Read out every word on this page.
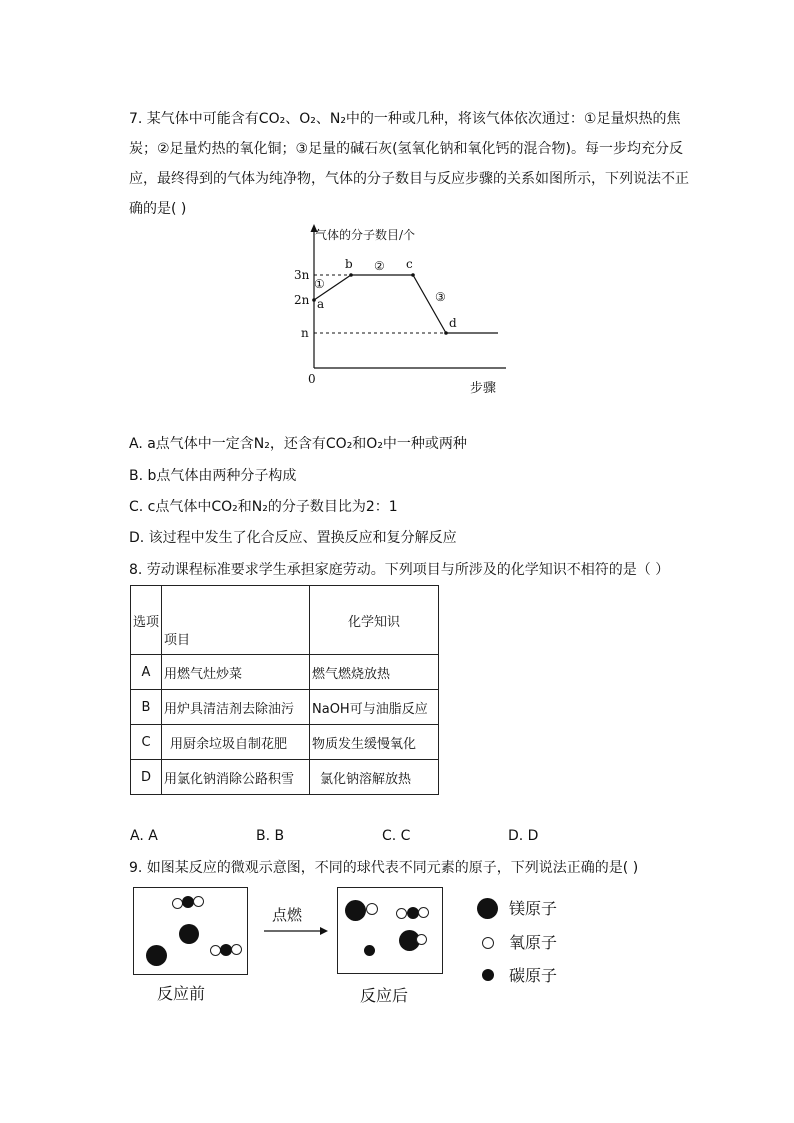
7. 某气体中可能含有CO₂、O₂、N₂中的一种或几种，将该气体依次通过：①足量炽热的焦

炭；②足量灼热的氧化铜；③足量的碱石灰(氢氧化钠和氧化钙的混合物)。每一步均充分反

应，最终得到的气体为纯净物，气体的分子数目与反应步骤的关系如图所示，下列说法不正

确的是( )

气体的分子数目/个
步骤
0
3n
2n
n
a
b	c
d
①
②
③
A. a点气体中一定含N₂，还含有CO₂和O₂中一种或两种
B. b点气体由两种分子构成
C. c点气体中CO₂和N₂的分子数目比为2：1
D. 该过程中发生了化合反应、置换反应和复分解反应
8. 劳动课程标准要求学生承担家庭劳动。下列项目与所涉及的化学知识不相符的是（ ）
选项	项目	化学知识
A	用燃气灶炒菜	燃气燃烧放热
B	用炉具清洁剂去除油污	NaOH可与油脂反应
C	用厨余垃圾自制花肥	物质发生缓慢氧化
D	用氯化钠消除公路积雪	氯化钠溶解放热
A. A	B. B	C. C	D. D
9. 如图某反应的微观示意图，不同的球代表不同元素的原子，下列说法正确的是( )
点燃
反应前	反应后
镁原子
氧原子
碳原子
